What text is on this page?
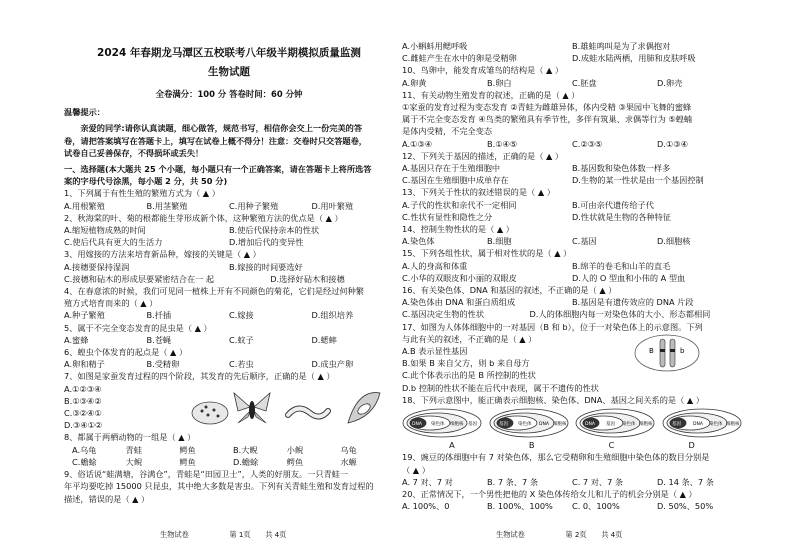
2024 年春期龙马潭区五校联考八年级半期模拟质量监测
生物试题
全卷满分：100 分 答卷时间：60 分钟
温馨提示：
亲爱的同学:请你认真读题，细心做答，规范书写，相信你会交上一份完美的答
卷，请把答案填写在答题卡上，填写在试卷上概不得分！注意：交卷时只交答题卷，
试卷自己妥善保存，不得损坏或丢失！
一、选择题(本大题共 25 个小题，每小题只有一个正确答案，请在答题卡上将所选答
案的字母代号涂黑，每小题 2 分，共 50 分)
1、下列属于有性生殖的繁殖方式为（ ▲ ）
A.用根繁殖	B.用茎繁殖	C.用种子繁殖	D.用叶繁殖
2、秋海棠的叶、菊的根都能生芽形成新个体，这种繁殖方法的优点是（ ▲ ）
A.缩短植物成熟的时间	B.使后代保持亲本的性状
C.使后代具有更大的生活力	D.增加后代的变异性
3、用嫁接的方法来培育新品种，嫁接的关键是（ ▲ ）
A.接穗要保持湿润	B.嫁接的时间要选好
C.接穗和砧木的形成层要紧密结合在一 起	D.选择好砧木和接穗
4、在春意浓的时候，我们可见同一植株上开有不同颜色的菊花，它们是经过何种繁
殖方式培育而来的（ ▲ ）
A.种子繁殖	B.扦插	C.嫁接	D.组织培养
5、属于不完全变态发育的昆虫是（ ▲ ）
A.蜜蜂	B.苍蝇	C.蚊子	D.蟋蟀
6、蝗虫个体发育的起点是（ ▲ ）
A.卵和精子	B.受精卵	C.若虫	D.成虫产卵
7、如图是家蚕发育过程的四个阶段，其发育的先后顺序，正确的是（ ▲ ）
A.①②③④
B.①③④②
C.③②④①
D.③④①②
8、都属于两栖动物的一组是（ ▲ ）
A.乌龟	青蛙	鳄鱼	B.大鲵	小鲵	乌龟
C.蟾蜍	大鲵	鳄鱼	D.蟾蜍	鳄鱼	水螈
9、俗话说“蛙满塘，谷满仓”，青蛙是“田园卫士”，人类的好朋友。一只青蛙一
年平均要吃掉 15000 只昆虫，其中绝大多数是害虫。下列有关青蛙生殖和发育过程的
描述，错误的是（ ▲ ）
A.小蝌蚪用鳃呼吸	B.雄蛙鸣叫是为了求偶抱对
C.雌蛙产生在水中的卵是受精卵	D.成蛙水陆两栖，用肺和皮肤呼吸
10、鸟卵中，能发育成雏鸟的结构是（ ▲ ）
A.卵黄	B.卵白	C.胚盘	D.卵壳
11、有关动物生殖发育的叙述，正确的是（ ▲ ）
①家蚕的发育过程为变态发育 ②青蛙为雌雄异体，体内受精 ③果园中飞舞的蜜蜂
属于不完全变态发育 ④鸟类的繁殖具有季节性，多伴有筑巢、求偶等行为 ⑤蝗蝻
是体内受精，不完全变态
A.①③④	B.①④⑤	C.②③⑤	D.①③④
12、下列关于基因的描述，正确的是（ ▲ ）
A.基因只存在于生殖细胞中	B.基因数和染色体数一样多
C.基因在生殖细胞中成单存在	D.生物的某一性状是由一个基因控制
13、下列关于性状的叙述错误的是（ ▲ ）
A.子代的性状和亲代不一定相同	B.可由亲代遗传给子代
C.性状有显性和隐性之分	D.性状就是生物的各种特征
14、控制生物性状的是（ ▲ ）
A.染色体	B.细胞	C.基因	D.细胞核
15、下列各组性状，属于相对性状的是（ ▲ ）
A.人的身高和体重	B.绵羊的卷毛和山羊的直毛
C.小华的双眼皮和小丽的双眼皮	D.人的 O 型血和小伟的 A 型血
16、有关染色体、DNA 和基因的叙述，不正确的是（ ▲ ）
A.染色体由 DNA 和蛋白质组成	B.基因是有遗传效应的 DNA 片段
C.基因决定生物的性状	D.人的体细胞内每一对染色体的大小、形态都相同
17、如图为人体体细胞中的一对基因（B 和 b），位于一对染色体上的示意图。下列
与此有关的叙述，不正确的是（ ▲ ）
A.B 表示显性基因
B.如果 B 来自父方，则 b 来自母方
C.此个体表示出的是 B 所控制的性状
B	b
D.b 控制的性状不能在后代中表现，属于不遗传的性状
18、下列示意图中，能正确表示细胞核、染色体、DNA、基因之间关系的是（ ▲ ）
DNA 染色体 细胞核 基因	基因 染色体 DNA 细胞核	DNA 基因 染色体 细胞核	基因	DNA 染色体 细胞核
A	B	C	D
19、豌豆的体细胞中有 7 对染色体，那么它受精卵和生殖细胞中染色体的数目分别是
（ ▲ ）
A. 7 对、7 对	B. 7 条、7 条	C. 7 对、7 条	D. 14 条、7 条
20、正常情况下，一个男性把他的 X 染色体传给女儿和儿子的机会分别是（ ▲ ）
A. 100%、0	B. 100%、100%	C. 0、100%	D. 50%、50%
生物试卷	第 1页 共 4页	生物试卷	第 2页 共 4页
